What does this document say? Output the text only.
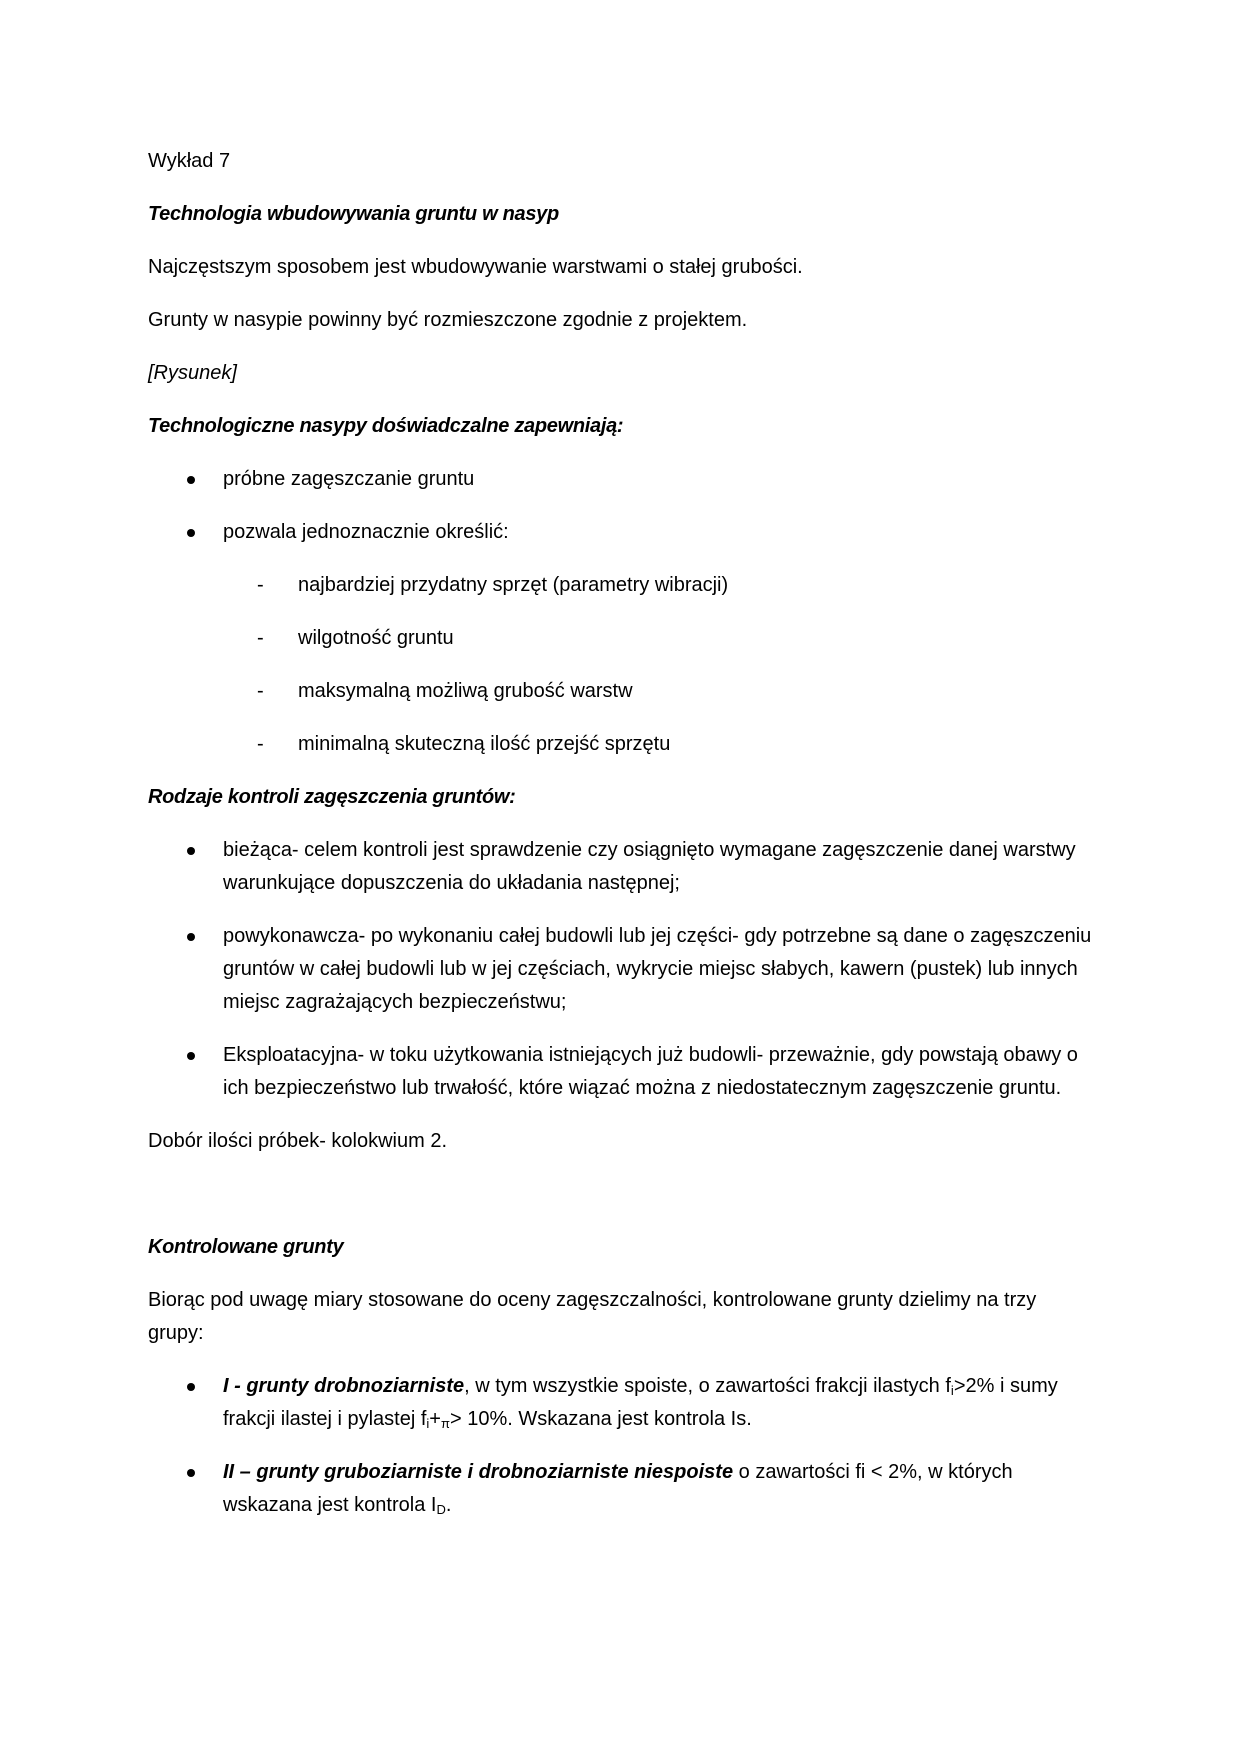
Wykład 7

Technologia wbudowywania gruntu w nasyp

Najczęstszym sposobem jest wbudowywanie warstwami o stałej grubości.

Grunty w nasypie powinny być rozmieszczone zgodnie z projektem.

[Rysunek]

Technologiczne nasypy doświadczalne zapewniają:

próbne zagęszczanie gruntu
pozwala jednoznacznie określić:
- najbardziej przydatny sprzęt (parametry wibracji)
- wilgotność gruntu
- maksymalną możliwą grubość warstw
- minimalną skuteczną ilość przejść sprzętu

Rodzaje kontroli zagęszczenia gruntów:

bieżąca- celem kontroli jest sprawdzenie czy osiągnięto wymagane zagęszczenie danej warstwy warunkujące dopuszczenia do układania następnej;
powykonawcza- po wykonaniu całej budowli lub jej części- gdy potrzebne są dane o zagęszczeniu gruntów w całej budowli lub w jej częściach, wykrycie miejsc słabych, kawern (pustek) lub innych miejsc zagrażających bezpieczeństwu;
Eksploatacyjna- w toku użytkowania istniejących już budowli- przeważnie, gdy powstają obawy o ich bezpieczeństwo lub trwałość, które wiązać można z niedostatecznym zagęszczenie gruntu.

Dobór ilości próbek- kolokwium 2.

Kontrolowane grunty

Biorąc pod uwagę miary stosowane do oceny zagęszczalności, kontrolowane grunty dzielimy na trzy grupy:

I - grunty drobnoziarniste, w tym wszystkie spoiste, o zawartości frakcji ilastych $f_i>2\%$ i sumy frakcji ilastej i pylastej $f_i+_\pi> 10\%$. Wskazana jest kontrola Is.
II – grunty gruboziarniste i drobnoziarniste niespoiste o zawartości fi < 2%, w których wskazana jest kontrola $I_D$.
